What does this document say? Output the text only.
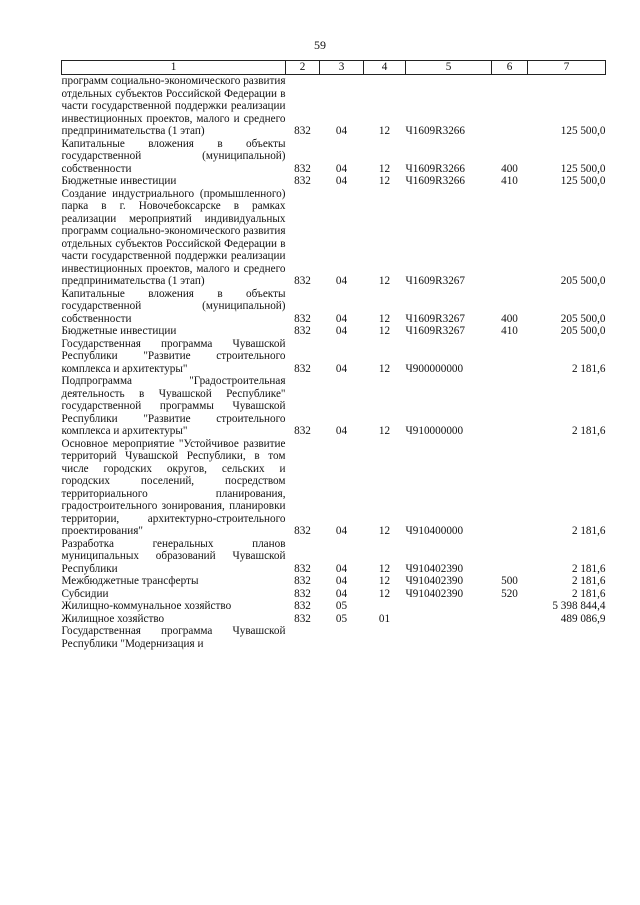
59
1	2	3	4	5	6	7
программ социально-экономического развития отдельных субъектов Российской Федерации в части государственной поддержки реализации инвестиционных проектов, малого и среднего предпринимательства (1 этап)	832	04	12	Ч1609R3266		125 500,0
Капитальные вложения в объекты государственной (муниципальной) собственности	832	04	12	Ч1609R3266	400	125 500,0
Бюджетные инвестиции	832	04	12	Ч1609R3266	410	125 500,0
Создание индустриального (промышленного) парка в г. Новочебоксарске в рамках реализации мероприятий индивидуальных программ социально-экономического развития отдельных субъектов Российской Федерации в части государственной поддержки реализации инвестиционных проектов, малого и среднего предпринимательства (1 этап)	832	04	12	Ч1609R3267		205 500,0
Капитальные вложения в объекты государственной (муниципальной) собственности	832	04	12	Ч1609R3267	400	205 500,0
Бюджетные инвестиции	832	04	12	Ч1609R3267	410	205 500,0
Государственная программа Чувашской Республики "Развитие строительного комплекса и архитектуры"	832	04	12	Ч900000000		2 181,6
Подпрограмма "Градостроительная деятельность в Чувашской Республике" государственной программы Чувашской Республики "Развитие строительного комплекса и архитектуры"	832	04	12	Ч910000000		2 181,6
Основное мероприятие "Устойчивое развитие территорий Чувашской Республики, в том числе городских округов, сельских и городских поселений, посредством территориального планирования, градостроительного зонирования, планировки территории, архитектурно-строительного проектирования"	832	04	12	Ч910400000		2 181,6
Разработка генеральных планов муниципальных образований Чувашской Республики	832	04	12	Ч910402390		2 181,6
Межбюджетные трансферты	832	04	12	Ч910402390	500	2 181,6
Субсидии	832	04	12	Ч910402390	520	2 181,6
Жилищно-коммунальное хозяйство	832	05				5 398 844,4
Жилищное хозяйство	832	05	01			489 086,9
Государственная программа Чувашской Республики "Модернизация и						
